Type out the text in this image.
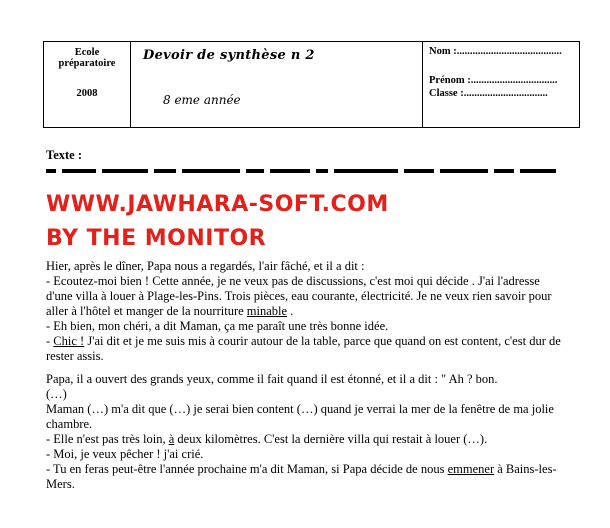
Ecole
préparatoire
2008
Devoir de synthèse n 2
8 eme année
Nom :........................................
Prénom :.................................
Classe :................................
Texte :
WWW.JAWHARA-SOFT.COM
BY THE MONITOR

Hier, après le dîner, Papa nous a regardés, l'air fâché, et il a dit :

- Ecoutez-moi bien ! Cette année, je ne veux pas de discussions, c'est moi qui décide . J'ai l'adresse d'une villa à louer à Plage-les-Pins. Trois pièces, eau courante, électricité. Je ne veux rien savoir pour aller à l'hôtel et manger de la nourriture minable .

- Eh bien, mon chéri, a dit Maman, ça me paraît une très bonne idée.

- Chic ! J'ai dit et je me suis mis à courir autour de la table, parce que quand on est content, c'est dur de rester assis.

Papa, il a ouvert des grands yeux, comme il fait quand il est étonné, et il a dit : " Ah ? bon.

(…)

Maman (…) m'a dit que (…) je serai bien content (…) quand je verrai la mer de la fenêtre de ma jolie chambre.

- Elle n'est pas très loin, à deux kilomètres. C'est la dernière villa qui restait à louer (…).

- Moi, je veux pêcher ! j'ai crié.

- Tu en feras peut-être l'année prochaine m'a dit Maman, si Papa décide de nous emmener à Bains-les-Mers.
